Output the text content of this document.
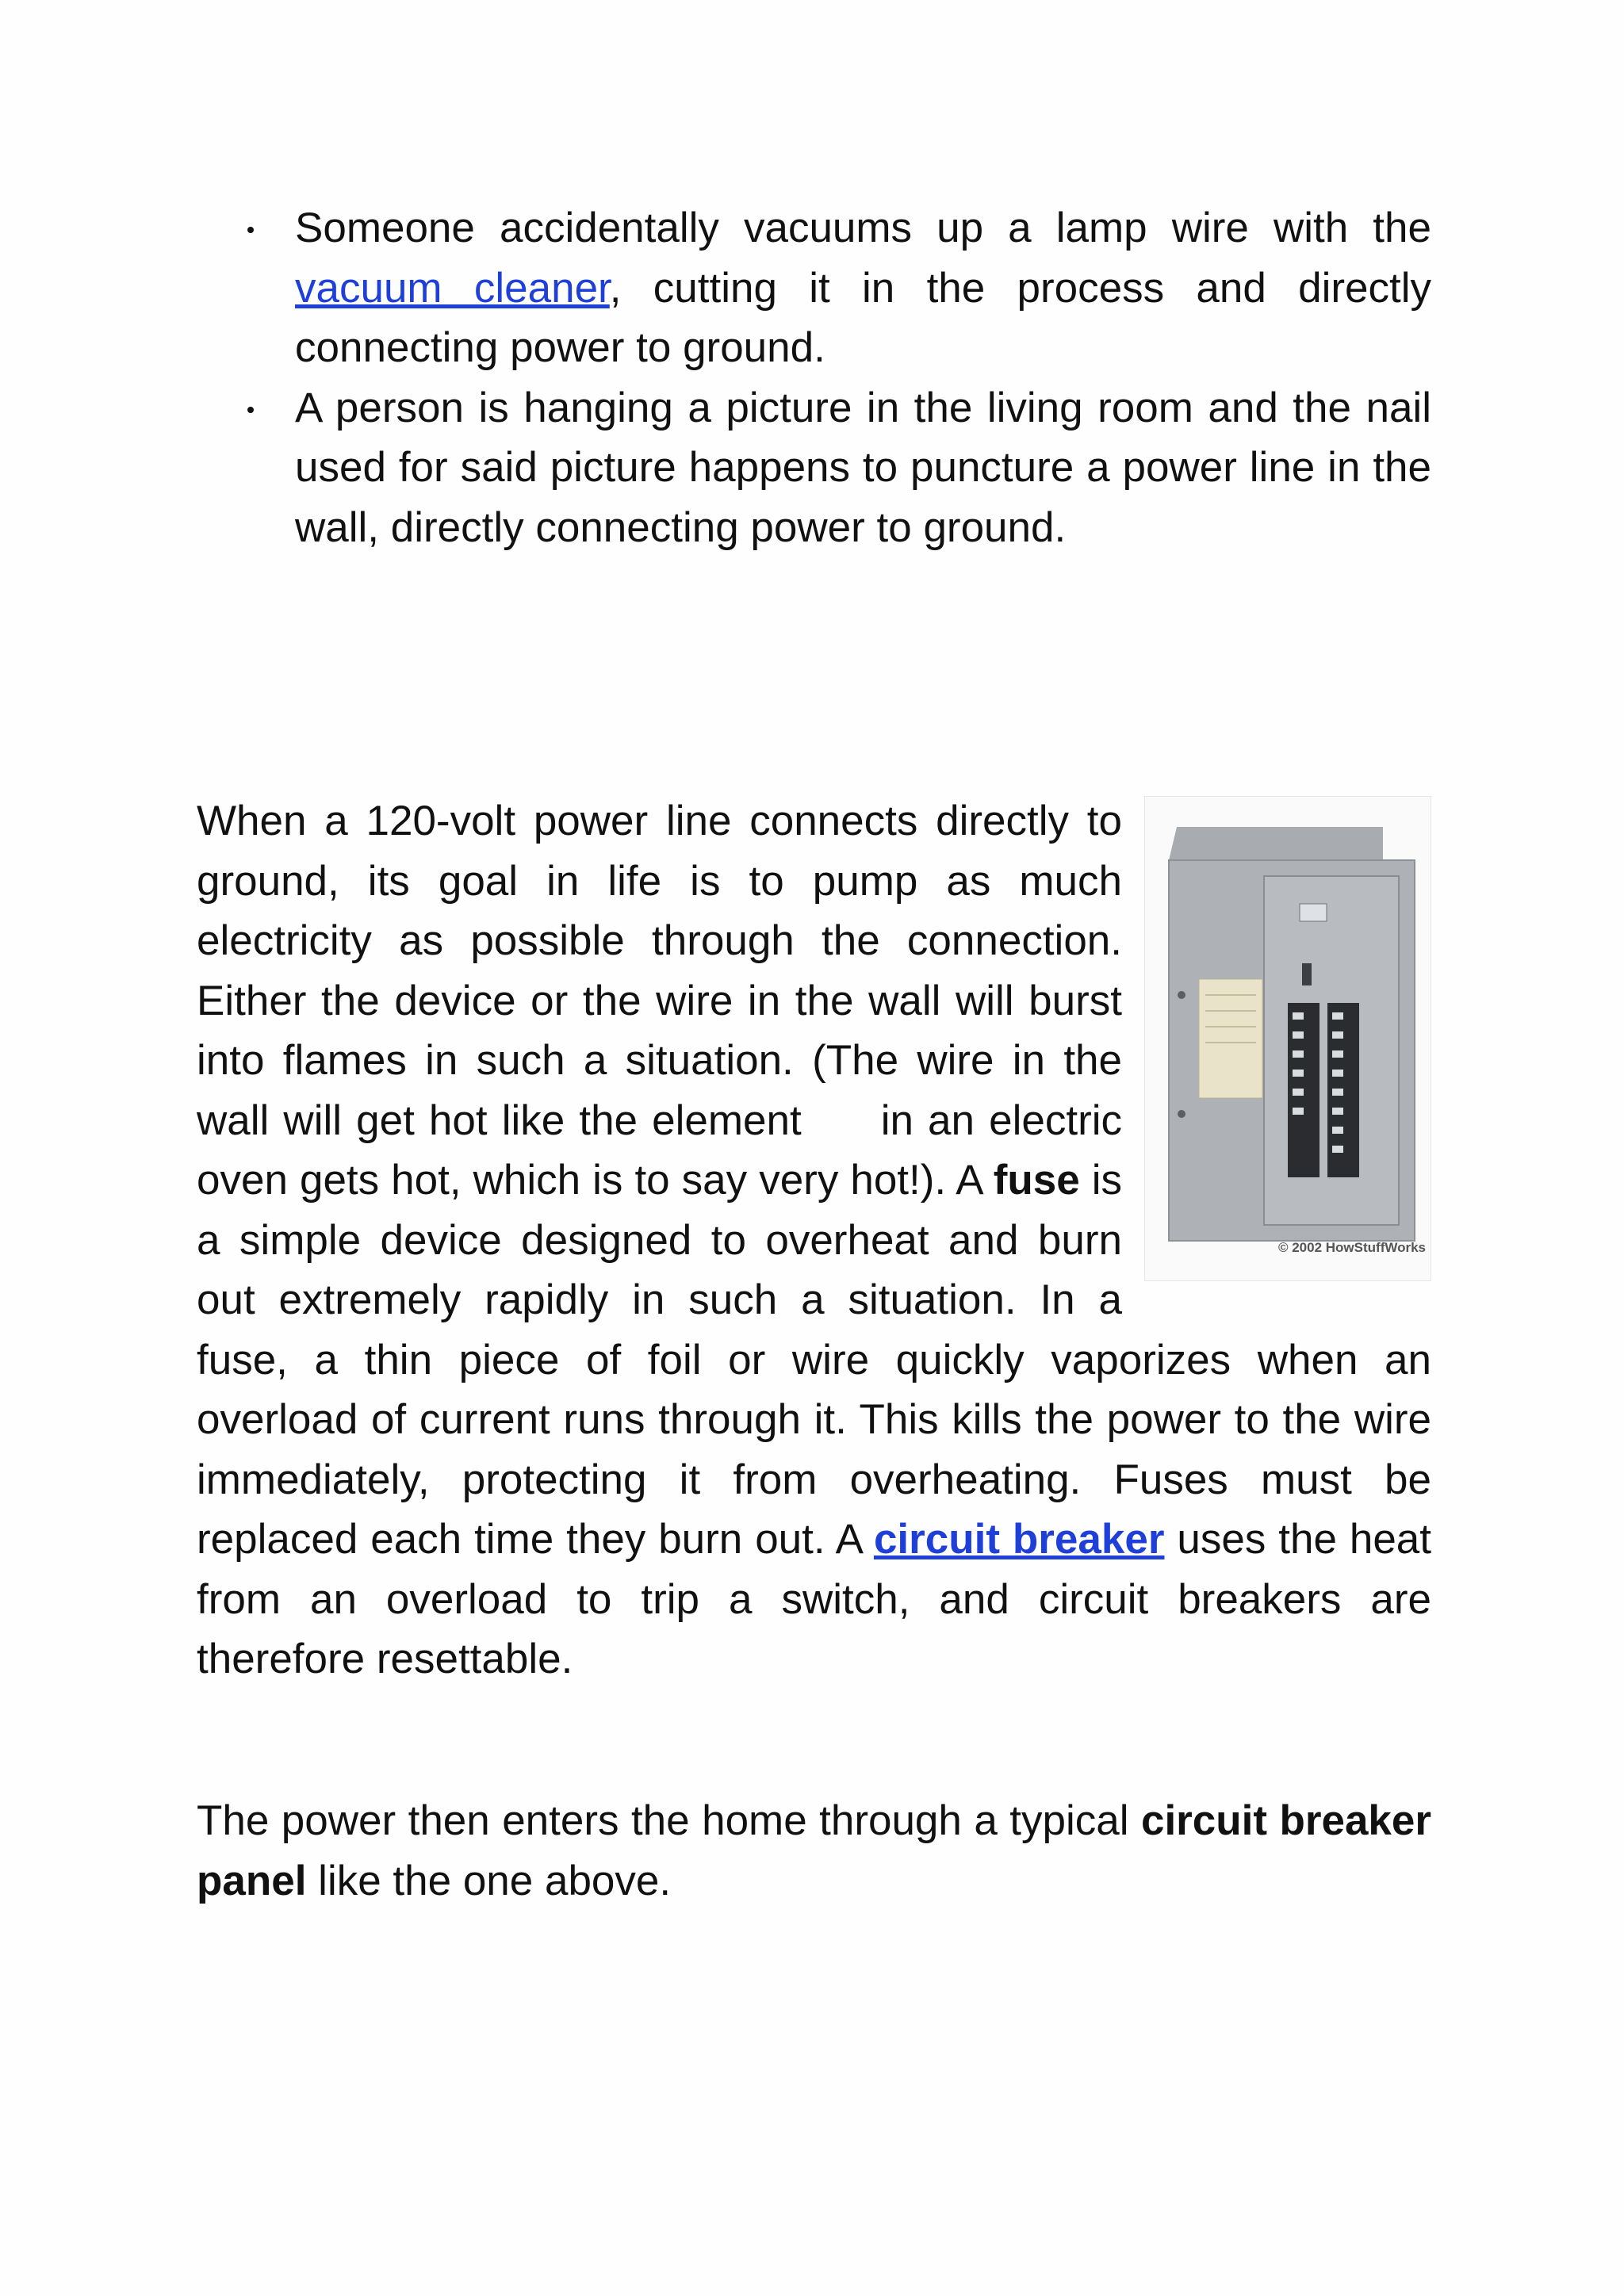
Someone accidentally vacuums up a lamp wire with the vacuum cleaner, cutting it in the process and directly connecting power to ground.
A person is hanging a picture in the living room and the nail used for said picture happens to puncture a power line in the wall, directly connecting power to ground.

© 2002 HowStuffWorks
When a 120-volt power line connects directly to ground, its goal in life is to pump as much electricity as possible through the connection. Either the device or the wire in the wall will burst into flames in such a situation. (The wire in the wall will get hot like the element in an electric oven gets hot, which is to say very hot!). A fuse is a simple device designed to overheat and burn out extremely rapidly in such a situation. In a fuse, a thin piece of foil or wire quickly vaporizes when an overload of current runs through it. This kills the power to the wire immediately, protecting it from overheating. Fuses must be replaced each time they burn out. A circuit breaker uses the heat from an overload to trip a switch, and circuit breakers are therefore resettable.

The power then enters the home through a typical circuit breaker panel like the one above.
